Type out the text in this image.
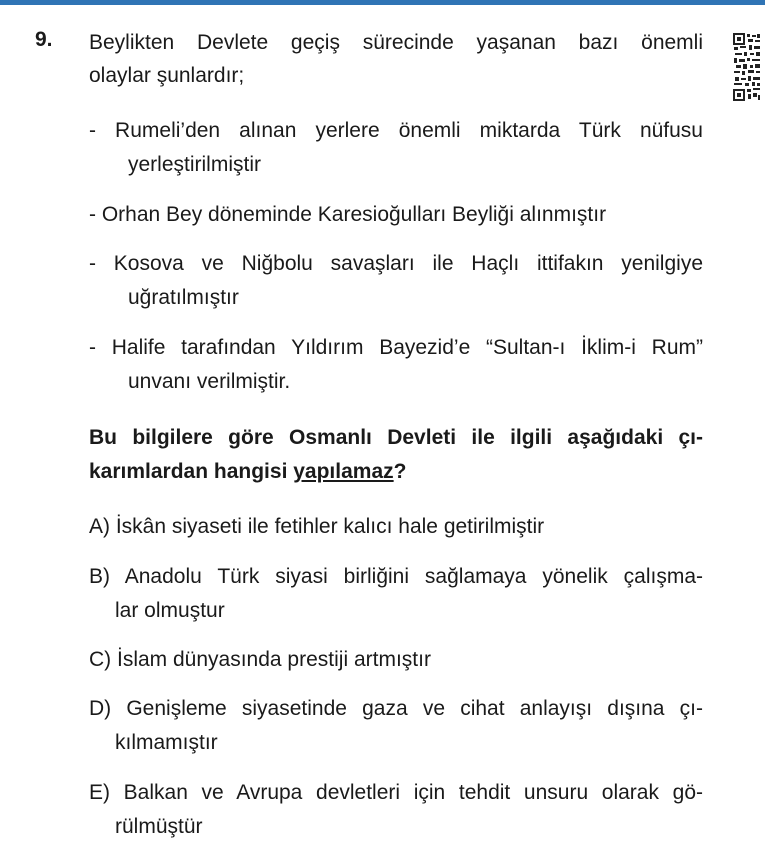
9. Beylikten Devlete geçiş sürecinde yaşanan bazı önemli
olaylar şunlardır;
- Rumeli’den alınan yerlere önemli miktarda Türk nüfusu
yerleştirilmiştir
- Orhan Bey döneminde Karesioğulları Beyliği alınmıştır
- Kosova ve Niğbolu savaşları ile Haçlı ittifakın yenilgiye
uğratılmıştır
- Halife tarafından Yıldırım Bayezid’e “Sultan-ı İklim-i Rum”
unvanı verilmiştir.
Bu bilgilere göre Osmanlı Devleti ile ilgili aşağıdaki çı-
karımlardan hangisi yapılamaz?
A) İskân siyaseti ile fetihler kalıcı hale getirilmiştir
B) Anadolu Türk siyasi birliğini sağlamaya yönelik çalışma-
lar olmuştur
C) İslam dünyasında prestiji artmıştır
D) Genişleme siyasetinde gaza ve cihat anlayışı dışına çı-
kılmamıştır
E) Balkan ve Avrupa devletleri için tehdit unsuru olarak gö-
rülmüştür
